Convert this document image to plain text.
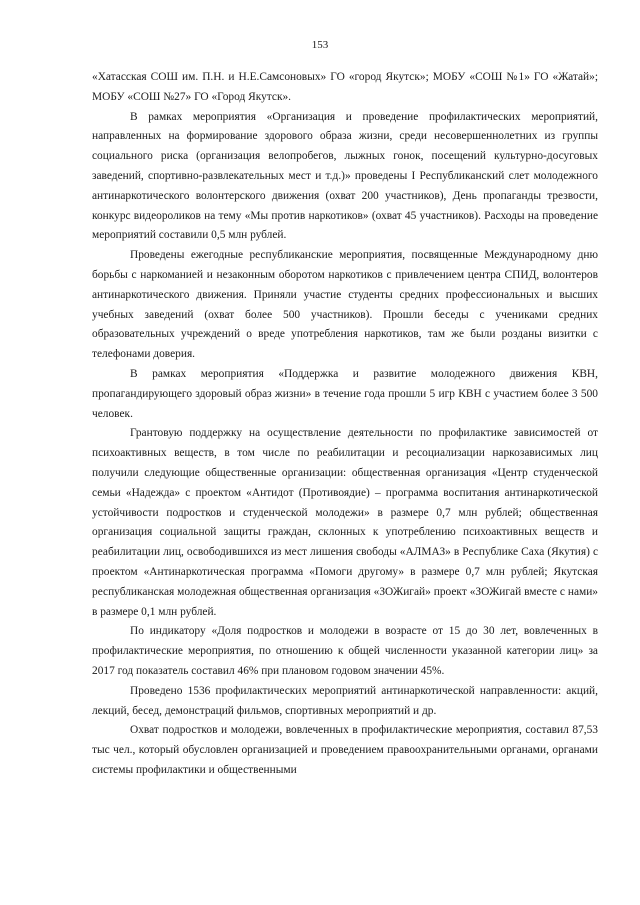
153

«Хатасская СОШ им. П.Н. и Н.Е.Самсоновых» ГО «город Якутск»; МОБУ «СОШ №1» ГО «Жатай»; МОБУ «СОШ №27» ГО «Город Якутск».

В рамках мероприятия «Организация и проведение профилактических мероприятий, направленных на формирование здорового образа жизни, среди несовершеннолетних из группы социального риска (организация велопробегов, лыжных гонок, посещений культурно-досуговых заведений, спортивно-развлекательных мест и т.д.)» проведены I Республиканский слет молодежного антинаркотического волонтерского движения (охват 200 участников), День пропаганды трезвости, конкурс видеороликов на тему «Мы против наркотиков» (охват 45 участников). Расходы на проведение мероприятий составили 0,5 млн рублей.

Проведены ежегодные республиканские мероприятия, посвященные Международному дню борьбы с наркоманией и незаконным оборотом наркотиков с привлечением центра СПИД, волонтеров антинаркотического движения. Приняли участие студенты средних профессиональных и высших учебных заведений (охват более 500 участников). Прошли беседы с учениками средних образовательных учреждений о вреде употребления наркотиков, там же были розданы визитки с телефонами доверия.

В рамках мероприятия «Поддержка и развитие молодежного движения КВН, пропагандирующего здоровый образ жизни» в течение года прошли 5 игр КВН с участием более 3 500 человек.

Грантовую поддержку на осуществление деятельности по профилактике зависимостей от психоактивных веществ, в том числе по реабилитации и ресоциализации наркозависимых лиц получили следующие общественные организации: общественная организация «Центр студенческой семьи «Надежда» с проектом «Антидот (Противоядие) – программа воспитания антинаркотической устойчивости подростков и студенческой молодежи» в размере 0,7 млн рублей; общественная организация социальной защиты граждан, склонных к употреблению психоактивных веществ и реабилитации лиц, освободившихся из мест лишения свободы «АЛМАЗ» в Республике Саха (Якутия) с проектом «Антинаркотическая программа «Помоги другому» в размере 0,7 млн рублей; Якутская республиканская молодежная общественная организация «ЗОЖигай» проект «ЗОЖигай вместе с нами» в размере 0,1 млн рублей.

По индикатору «Доля подростков и молодежи в возрасте от 15 до 30 лет, вовлеченных в профилактические мероприятия, по отношению к общей численности указанной категории лиц» за 2017 год показатель составил 46% при плановом годовом значении 45%.

Проведено 1536 профилактических мероприятий антинаркотической направленности: акций, лекций, бесед, демонстраций фильмов, спортивных мероприятий и др.

Охват подростков и молодежи, вовлеченных в профилактические мероприятия, составил 87,53 тыс чел., который обусловлен организацией и проведением правоохранительными органами, органами системы профилактики и общественными
